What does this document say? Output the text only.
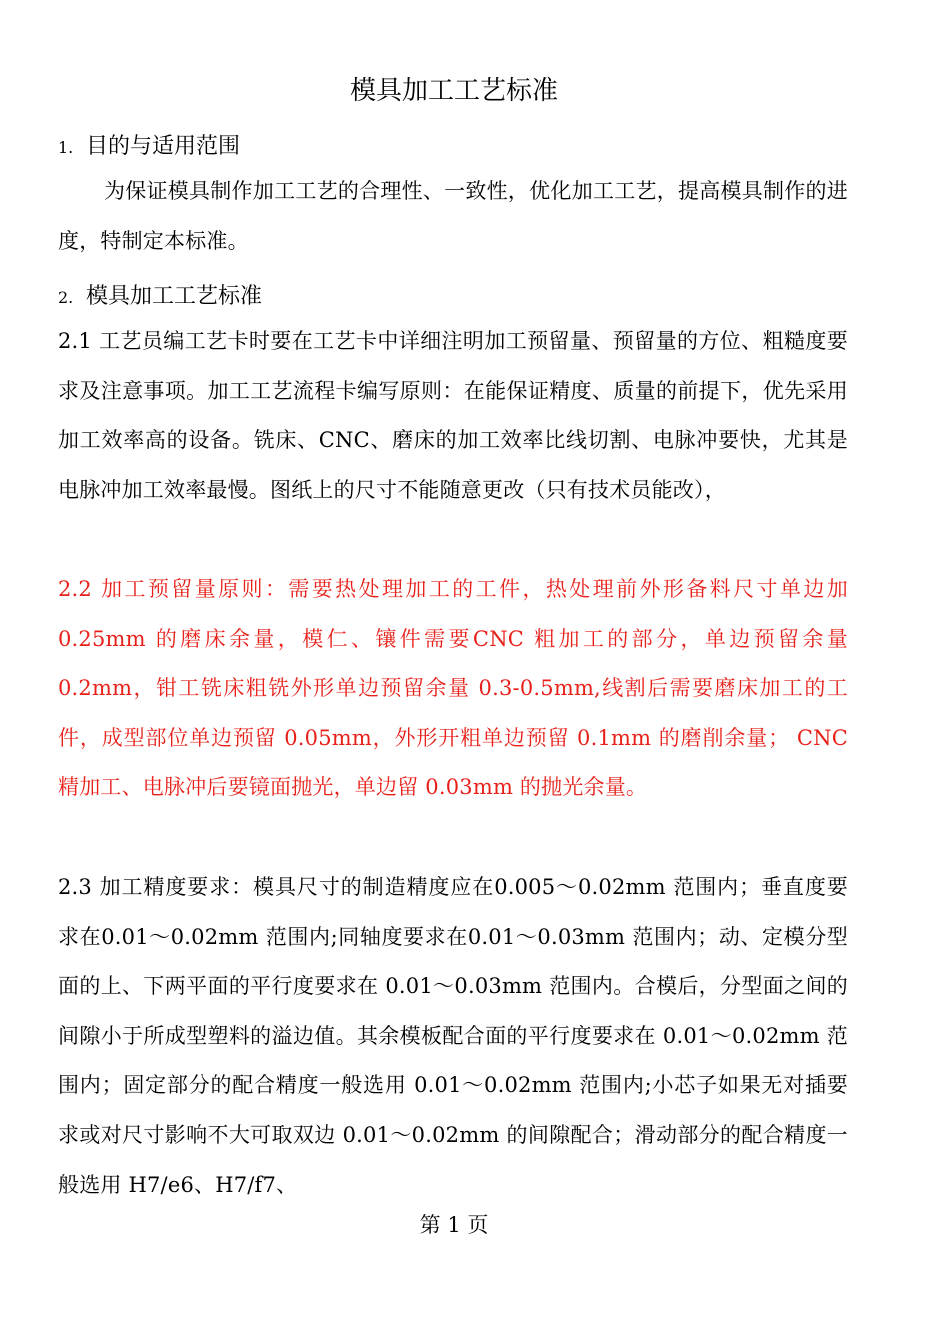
模具加工工艺标准
1. 目的与适用范围

为保证模具制作加工工艺的合理性、一致性，优化加工工艺，提高模具制作的进度，特制定本标准。

2. 模具加工工艺标准

2.1 工艺员编工艺卡时要在工艺卡中详细注明加工预留量、预留量的方位、粗糙度要求及注意事项。加工工艺流程卡编写原则：在能保证精度、质量的前提下，优先采用加工效率高的设备。铣床、CNC、磨床的加工效率比线切割、电脉冲要快，尤其是电脉冲加工效率最慢。图纸上的尺寸不能随意更改（只有技术员能改），

2.2 加工预留量原则：需要热处理加工的工件，热处理前外形备料尺寸单边加 0.25mm 的磨床余量，模仁、镶件需要CNC 粗加工的部分，单边预留余量 0.2mm，钳工铣床粗铣外形单边预留余量 0.3-0.5mm,线割后需要磨床加工的工件，成型部位单边预留 0.05mm，外形开粗单边预留 0.1mm 的磨削余量； CNC 精加工、电脉冲后要镜面抛光，单边留 0.03mm 的抛光余量。

2.3 加工精度要求：模具尺寸的制造精度应在0.005～0.02mm 范围内；垂直度要求在0.01～0.02mm 范围内;同轴度要求在0.01～0.03mm 范围内；动、定模分型面的上、下两平面的平行度要求在 0.01～0.03mm 范围内。合模后，分型面之间的间隙小于所成型塑料的溢边值。其余模板配合面的平行度要求在 0.01～0.02mm 范围内；固定部分的配合精度一般选用 0.01～0.02mm 范围内;小芯子如果无对插要求或对尺寸影响不大可取双边 0.01～0.02mm 的间隙配合；滑动部分的配合精度一般选用 H7/e6、H7/f7、

第 1 页
